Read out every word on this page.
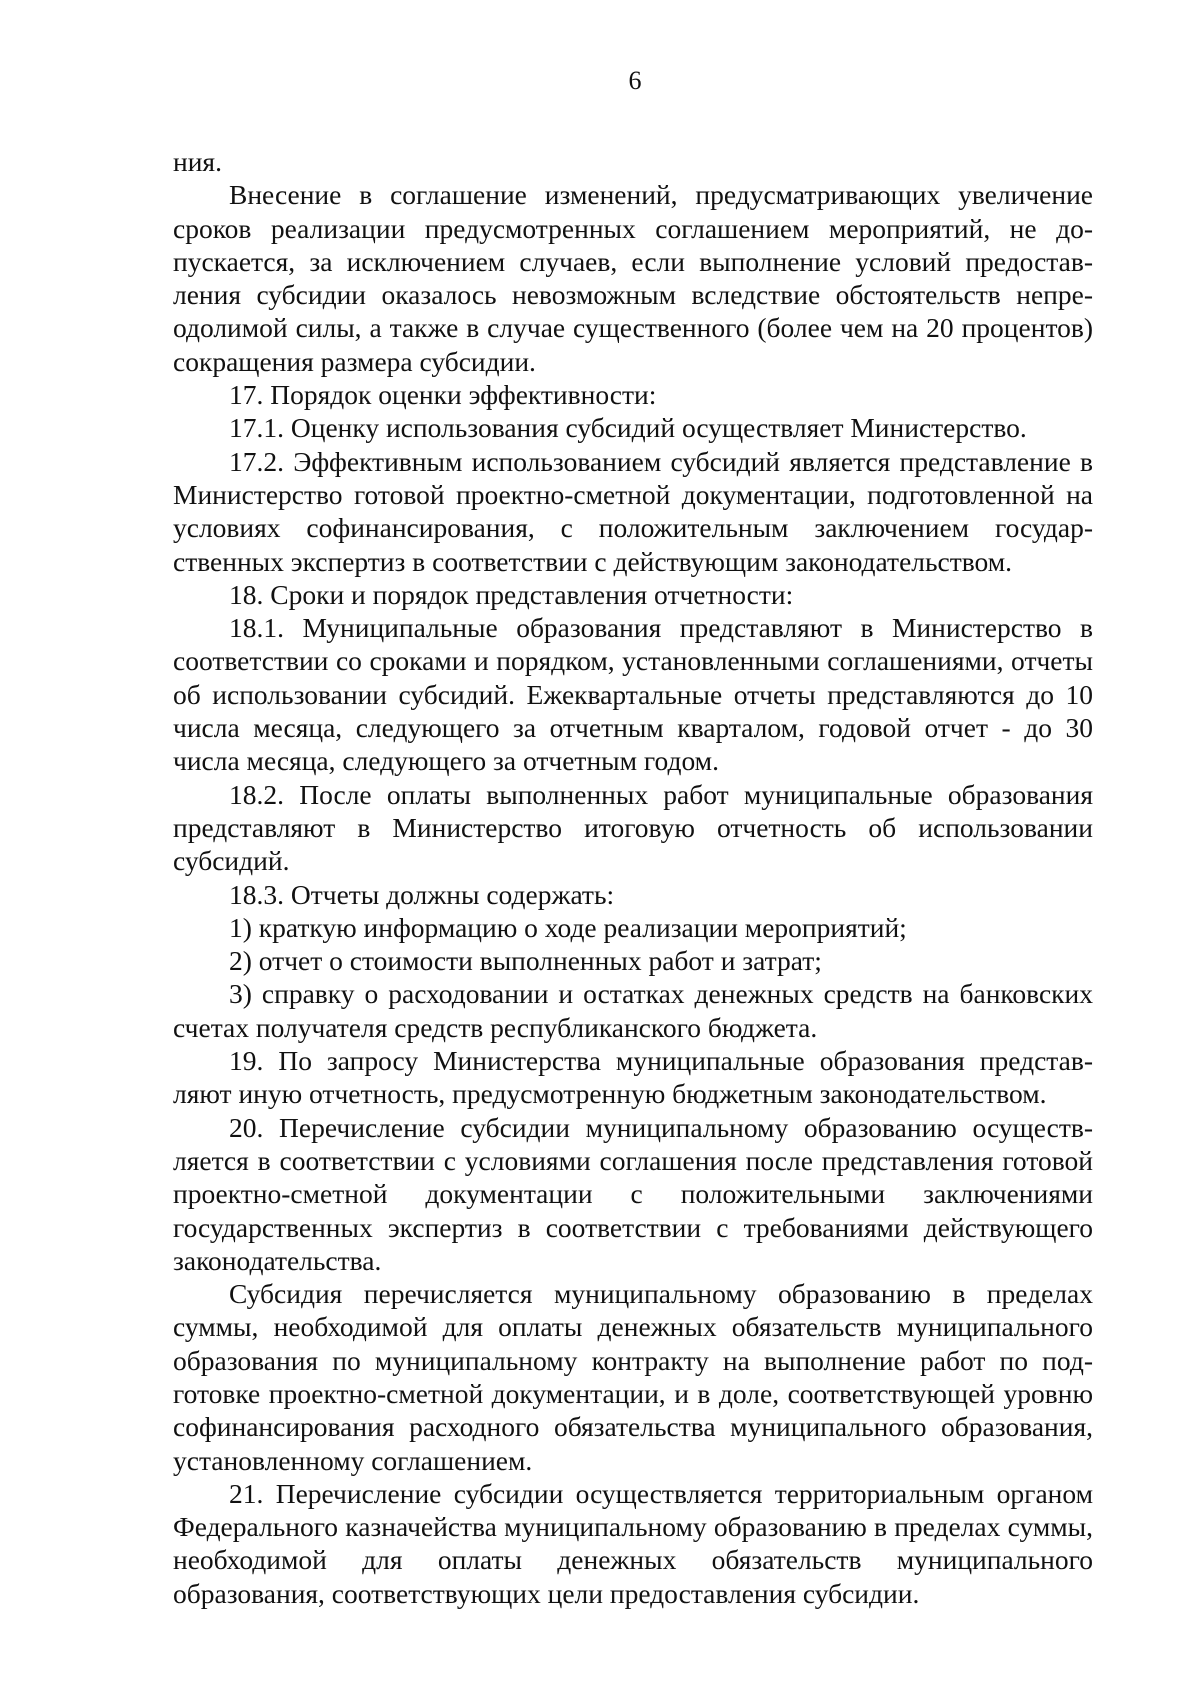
6

ния.

Внесение в соглашение изменений, предусматривающих увеличение сроков реализации предусмотренных соглашением мероприятий, не допускается, за исключением случаев, если выполнение условий предоставления субсидии оказалось невозможным вследствие обстоятельств непреодолимой силы, а также в случае существенного (более чем на 20 процентов) сокращения размера субсидии.

17. Порядок оценки эффективности:

17.1. Оценку использования субсидий осуществляет Министерство.

17.2. Эффективным использованием субсидий является представление в Министерство готовой проектно-сметной документации, подготовленной на условиях софинансирования, с положительным заключением государственных экспертиз в соответствии с действующим законодательством.

18. Сроки и порядок представления отчетности:

18.1. Муниципальные образования представляют в Министерство в соответствии со сроками и порядком, установленными соглашениями, отчеты об использовании субсидий. Ежеквартальные отчеты представляются до 10 числа месяца, следующего за отчетным кварталом, годовой отчет - до 30 числа месяца, следующего за отчетным годом.

18.2. После оплаты выполненных работ муниципальные образования представляют в Министерство итоговую отчетность об использовании субсидий.

18.3. Отчеты должны содержать:

1) краткую информацию о ходе реализации мероприятий;

2) отчет о стоимости выполненных работ и затрат;

3) справку о расходовании и остатках денежных средств на банковских счетах получателя средств республиканского бюджета.

19. По запросу Министерства муниципальные образования представляют иную отчетность, предусмотренную бюджетным законодательством.

20. Перечисление субсидии муниципальному образованию осуществляется в соответствии с условиями соглашения после представления готовой проектно-сметной документации с положительными заключениями государственных экспертиз в соответствии с требованиями действующего законодательства.

Субсидия перечисляется муниципальному образованию в пределах суммы, необходимой для оплаты денежных обязательств муниципального образования по муниципальному контракту на выполнение работ по подготовке проектно-сметной документации, и в доле, соответствующей уровню софинансирования расходного обязательства муниципального образования, установленному соглашением.

21. Перечисление субсидии осуществляется территориальным органом Федерального казначейства муниципальному образованию в пределах суммы, необходимой для оплаты денежных обязательств муниципального образования, соответствующих цели предоставления субсидии.
